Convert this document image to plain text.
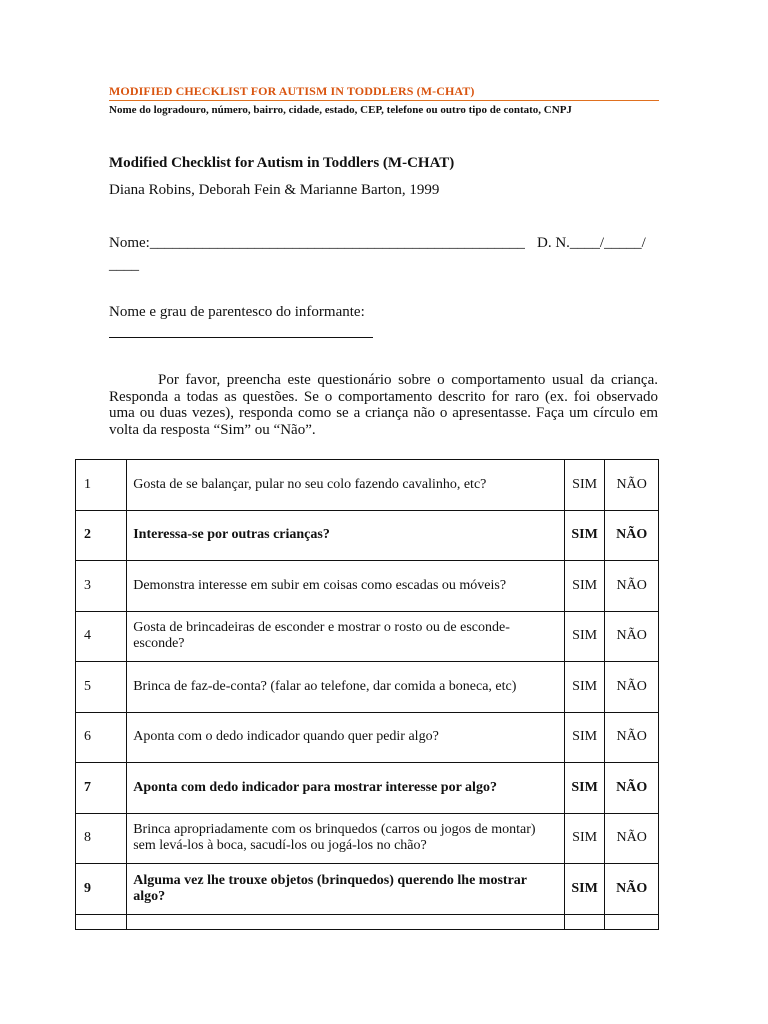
MODIFIED CHECKLIST FOR AUTISM IN TODDLERS (M-CHAT)
Nome do logradouro, número, bairro, cidade, estado, CEP, telefone ou outro tipo de contato, CNPJ
Modified Checklist for Autism in Toddlers (M-CHAT)
Diana Robins, Deborah Fein & Marianne Barton, 1999
Nome:__________________________________________________ D. N.____/_____/
____
Nome e grau de parentesco do informante:
Por favor, preencha este questionário sobre o comportamento usual da criança. Responda a todas as questões. Se o comportamento descrito for raro (ex. foi observado uma ou duas vezes), responda como se a criança não o apresentasse. Faça um círculo em volta da resposta “Sim” ou “Não”.
1	Gosta de se balançar, pular no seu colo fazendo cavalinho, etc?	SIM	NÃO
2	Interessa-se por outras crianças?	SIM	NÃO
3	Demonstra interesse em subir em coisas como escadas ou móveis?	SIM	NÃO
4	Gosta de brincadeiras de esconder e mostrar o rosto ou de esconde-esconde?	SIM	NÃO
5	Brinca de faz-de-conta? (falar ao telefone, dar comida a boneca, etc)	SIM	NÃO
6	Aponta com o dedo indicador quando quer pedir algo?	SIM	NÃO
7	Aponta com dedo indicador para mostrar interesse por algo?	SIM	NÃO
8	Brinca apropriadamente com os brinquedos (carros ou jogos de montar) sem levá-los à boca, sacudí-los ou jogá-los no chão?	SIM	NÃO
9	Alguma vez lhe trouxe objetos (brinquedos) querendo lhe mostrar algo?	SIM	NÃO
